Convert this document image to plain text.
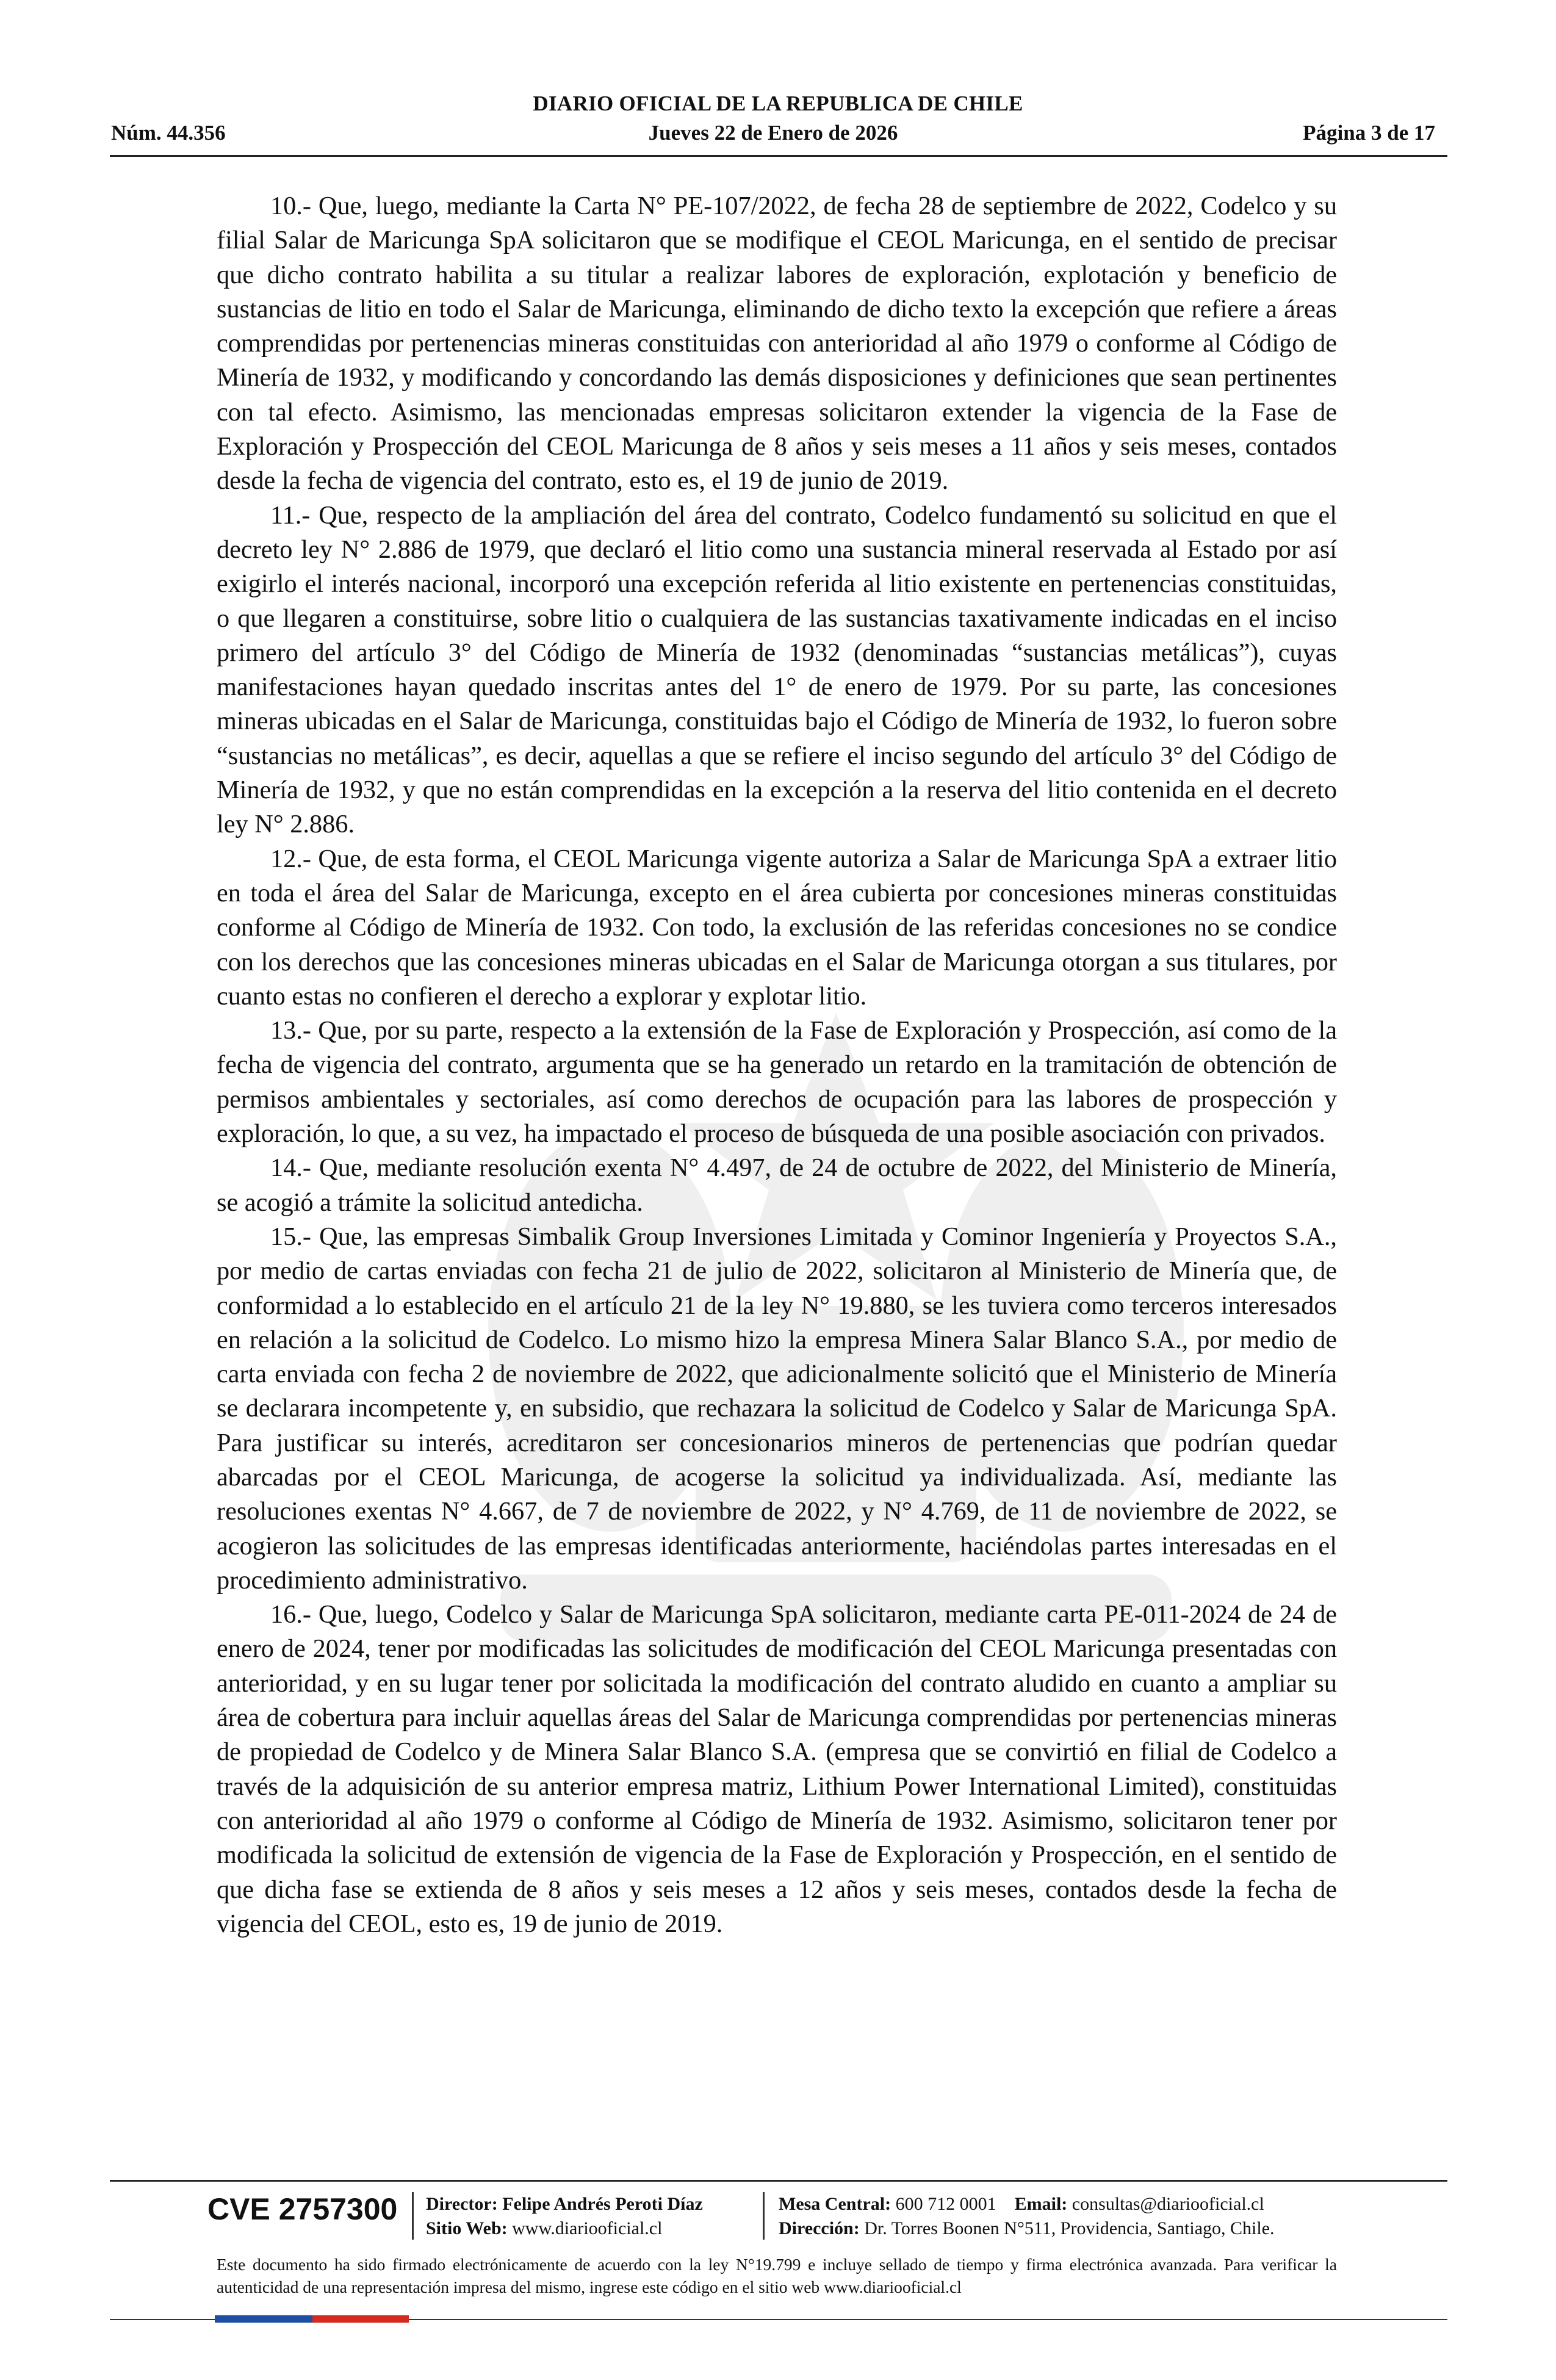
DIARIO OFICIAL DE LA REPUBLICA DE CHILE
Núm. 44.356	Jueves 22 de Enero de 2026	Página 3 de 17

10.- Que, luego, mediante la Carta N° PE-107/2022, de fecha 28 de septiembre de 2022, Codelco y su filial Salar de Maricunga SpA solicitaron que se modifique el CEOL Maricunga, en el sentido de precisar que dicho contrato habilita a su titular a realizar labores de exploración, explotación y beneficio de sustancias de litio en todo el Salar de Maricunga, eliminando de dicho texto la excepción que refiere a áreas comprendidas por pertenencias mineras constituidas con anterioridad al año 1979 o conforme al Código de Minería de 1932, y modificando y concordando las demás disposiciones y definiciones que sean pertinentes con tal efecto. Asimismo, las mencionadas empresas solicitaron extender la vigencia de la Fase de Exploración y Prospección del CEOL Maricunga de 8 años y seis meses a 11 años y seis meses, contados desde la fecha de vigencia del contrato, esto es, el 19 de junio de 2019.

11.- Que, respecto de la ampliación del área del contrato, Codelco fundamentó su solicitud en que el decreto ley N° 2.886 de 1979, que declaró el litio como una sustancia mineral reservada al Estado por así exigirlo el interés nacional, incorporó una excepción referida al litio existente en pertenencias constituidas, o que llegaren a constituirse, sobre litio o cualquiera de las sustancias taxativamente indicadas en el inciso primero del artículo 3° del Código de Minería de 1932 (denominadas “sustancias metálicas”), cuyas manifestaciones hayan quedado inscritas antes del 1° de enero de 1979. Por su parte, las concesiones mineras ubicadas en el Salar de Maricunga, constituidas bajo el Código de Minería de 1932, lo fueron sobre “sustancias no metálicas”, es decir, aquellas a que se refiere el inciso segundo del artículo 3° del Código de Minería de 1932, y que no están comprendidas en la excepción a la reserva del litio contenida en el decreto ley N° 2.886.

12.- Que, de esta forma, el CEOL Maricunga vigente autoriza a Salar de Maricunga SpA a extraer litio en toda el área del Salar de Maricunga, excepto en el área cubierta por concesiones mineras constituidas conforme al Código de Minería de 1932. Con todo, la exclusión de las referidas concesiones no se condice con los derechos que las concesiones mineras ubicadas en el Salar de Maricunga otorgan a sus titulares, por cuanto estas no confieren el derecho a explorar y explotar litio.

13.- Que, por su parte, respecto a la extensión de la Fase de Exploración y Prospección, así como de la fecha de vigencia del contrato, argumenta que se ha generado un retardo en la tramitación de obtención de permisos ambientales y sectoriales, así como derechos de ocupación para las labores de prospección y exploración, lo que, a su vez, ha impactado el proceso de búsqueda de una posible asociación con privados.

14.- Que, mediante resolución exenta N° 4.497, de 24 de octubre de 2022, del Ministerio de Minería, se acogió a trámite la solicitud antedicha.

15.- Que, las empresas Simbalik Group Inversiones Limitada y Cominor Ingeniería y Proyectos S.A., por medio de cartas enviadas con fecha 21 de julio de 2022, solicitaron al Ministerio de Minería que, de conformidad a lo establecido en el artículo 21 de la ley N° 19.880, se les tuviera como terceros interesados en relación a la solicitud de Codelco. Lo mismo hizo la empresa Minera Salar Blanco S.A., por medio de carta enviada con fecha 2 de noviembre de 2022, que adicionalmente solicitó que el Ministerio de Minería se declarara incompetente y, en subsidio, que rechazara la solicitud de Codelco y Salar de Maricunga SpA. Para justificar su interés, acreditaron ser concesionarios mineros de pertenencias que podrían quedar abarcadas por el CEOL Maricunga, de acogerse la solicitud ya individualizada. Así, mediante las resoluciones exentas N° 4.667, de 7 de noviembre de 2022, y N° 4.769, de 11 de noviembre de 2022, se acogieron las solicitudes de las empresas identificadas anteriormente, haciéndolas partes interesadas en el procedimiento administrativo.

16.- Que, luego, Codelco y Salar de Maricunga SpA solicitaron, mediante carta PE-011-2024 de 24 de enero de 2024, tener por modificadas las solicitudes de modificación del CEOL Maricunga presentadas con anterioridad, y en su lugar tener por solicitada la modificación del contrato aludido en cuanto a ampliar su área de cobertura para incluir aquellas áreas del Salar de Maricunga comprendidas por pertenencias mineras de propiedad de Codelco y de Minera Salar Blanco S.A. (empresa que se convirtió en filial de Codelco a través de la adquisición de su anterior empresa matriz, Lithium Power International Limited), constituidas con anterioridad al año 1979 o conforme al Código de Minería de 1932. Asimismo, solicitaron tener por modificada la solicitud de extensión de vigencia de la Fase de Exploración y Prospección, en el sentido de que dicha fase se extienda de 8 años y seis meses a 12 años y seis meses, contados desde la fecha de vigencia del CEOL, esto es, 19 de junio de 2019.

CVE 2757300 Director: Felipe Andrés Peroti Díaz
Sitio Web: www.diariooficial.cl
Mesa Central: 600 712 0001 Email: consultas@diariooficial.cl
Dirección: Dr. Torres Boonen N°511, Providencia, Santiago, Chile.
Este documento ha sido firmado electrónicamente de acuerdo con la ley N°19.799 e incluye sellado de tiempo y firma electrónica avanzada. Para verificar la autenticidad de una representación impresa del mismo, ingrese este código en el sitio web www.diariooficial.cl
